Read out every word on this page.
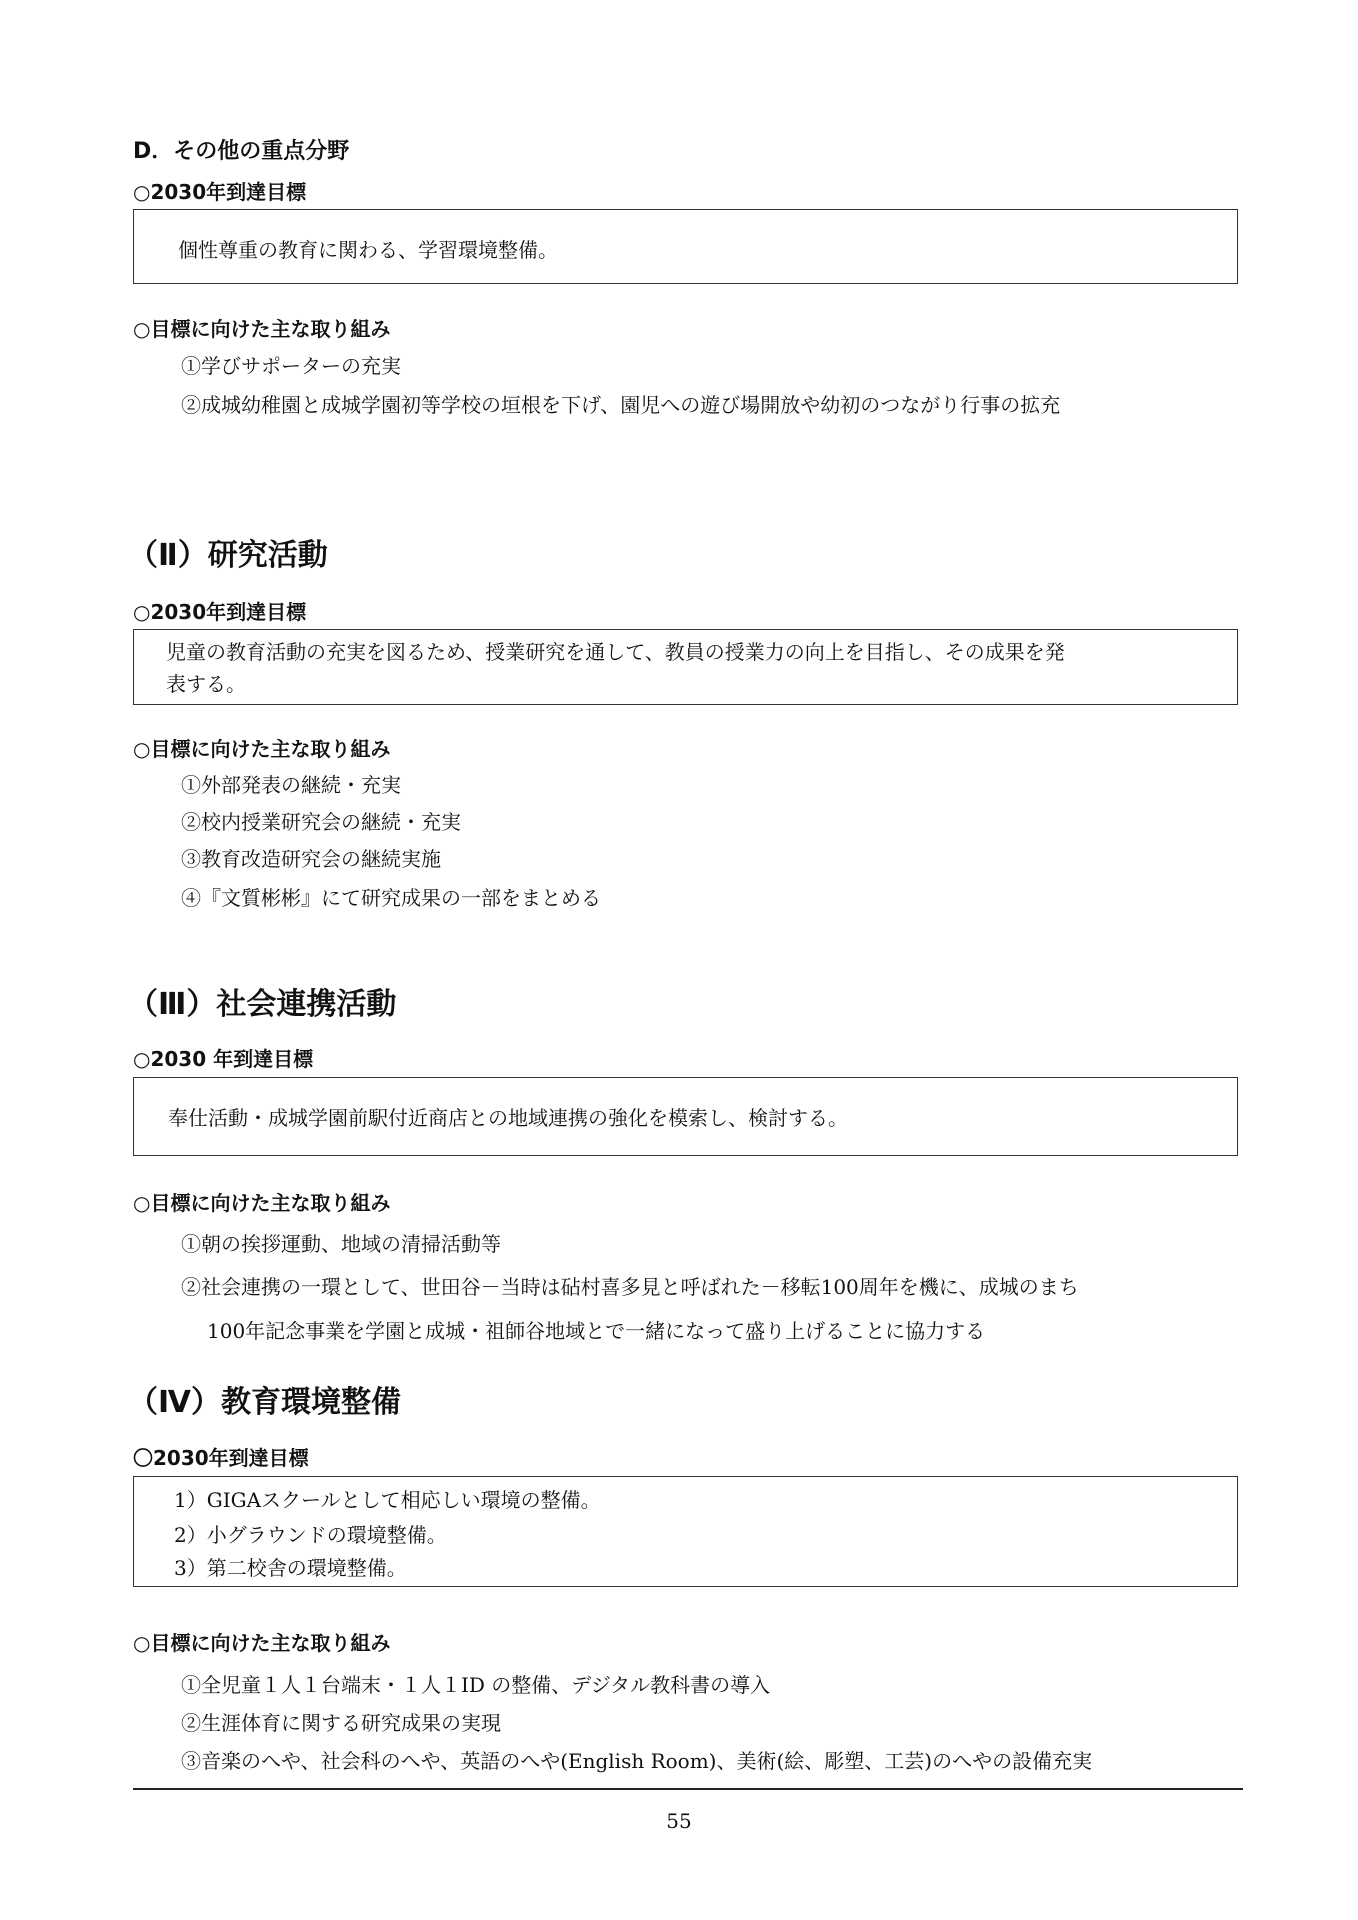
D．その他の重点分野
○2030年到達目標
個性尊重の教育に関わる、学習環境整備。
○目標に向けた主な取り組み
①学びサポーターの充実
②成城幼稚園と成城学園初等学校の垣根を下げ、園児への遊び場開放や幼初のつながり行事の拡充
（Ⅱ）研究活動
○2030年到達目標
児童の教育活動の充実を図るため、授業研究を通して、教員の授業力の向上を目指し、その成果を発
表する。
○目標に向けた主な取り組み
①外部発表の継続・充実
②校内授業研究会の継続・充実
③教育改造研究会の継続実施
④『文質彬彬』にて研究成果の一部をまとめる
（Ⅲ）社会連携活動
○2030 年到達目標
奉仕活動・成城学園前駅付近商店との地域連携の強化を模索し、検討する。
○目標に向けた主な取り組み
①朝の挨拶運動、地域の清掃活動等
②社会連携の一環として、世田谷－当時は砧村喜多見と呼ばれた－移転100周年を機に、成城のまち
100年記念事業を学園と成城・祖師谷地域とで一緒になって盛り上げることに協力する
（Ⅳ）教育環境整備
〇2030年到達目標
1）GIGAスクールとして相応しい環境の整備。
2）小グラウンドの環境整備。
3）第二校舎の環境整備。
○目標に向けた主な取り組み
①全児童１人１台端末・１人１ID の整備、デジタル教科書の導入
②生涯体育に関する研究成果の実現
③音楽のへや、社会科のへや、英語のへや(English Room)、美術(絵、彫塑、工芸)のへやの設備充実
55
